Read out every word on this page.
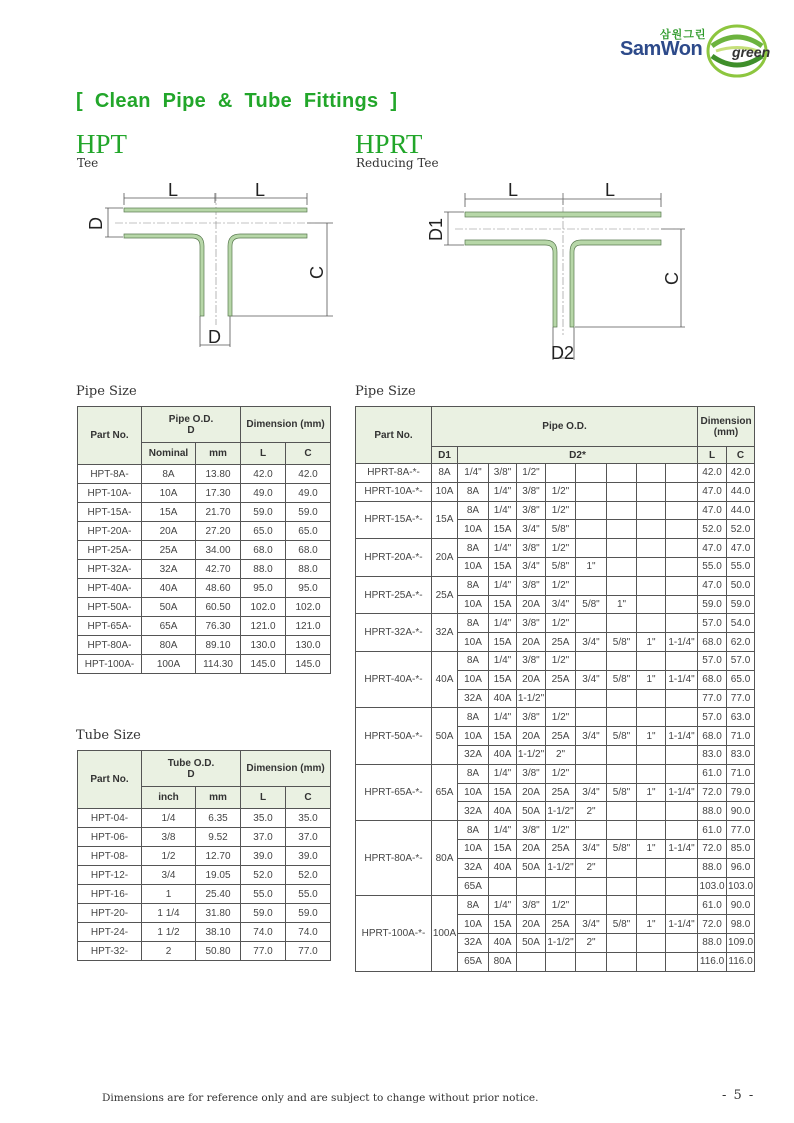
삼원그린
SamWon green
[ Clean Pipe & Tube Fittings ]
HPT
Tee
HPRT
Reducing Tee
L	L
D
C
D
L	L
D1
C
D2
Pipe Size
Part No.	Pipe O.D.
D		Dimension (mm)	
	Nominal	mm	L	C
HPT-8A-	8A	13.80	42.0	42.0
HPT-10A-	10A	17.30	49.0	49.0
HPT-15A-	15A	21.70	59.0	59.0
HPT-20A-	20A	27.20	65.0	65.0
HPT-25A-	25A	34.00	68.0	68.0
HPT-32A-	32A	42.70	88.0	88.0
HPT-40A-	40A	48.60	95.0	95.0
HPT-50A-	50A	60.50	102.0	102.0
HPT-65A-	65A	76.30	121.0	121.0
HPT-80A-	80A	89.10	130.0	130.0
HPT-100A-	100A	114.30	145.0	145.0
Tube Size
Part No.	Tube O.D.
D		Dimension (mm)	
	inch	mm	L	C
HPT-04-	1/4	6.35	35.0	35.0
HPT-06-	3/8	9.52	37.0	37.0
HPT-08-	1/2	12.70	39.0	39.0
HPT-12-	3/4	19.05	52.0	52.0
HPT-16-	1	25.40	55.0	55.0
HPT-20-	1 1/4	31.80	59.0	59.0
HPT-24-	1 1/2	38.10	74.0	74.0
HPT-32-	2	50.80	77.0	77.0
Pipe Size
Part No.	Pipe O.D.									Dimension (mm)	
	D1	D2*								L	C
HPRT-8A-*-	8A	1/4"	3/8"	1/2"						42.0	42.0
HPRT-10A-*-	10A	8A	1/4"	3/8"	1/2"					47.0	44.0
HPRT-15A-*-	15A	8A	1/4"	3/8"	1/2"					47.0	44.0
		10A	15A	3/4"	5/8"					52.0	52.0
HPRT-20A-*-	20A	8A	1/4"	3/8"	1/2"					47.0	47.0
		10A	15A	3/4"	5/8"	1"				55.0	55.0
HPRT-25A-*-	25A	8A	1/4"	3/8"	1/2"					47.0	50.0
		10A	15A	20A	3/4"	5/8"	1"			59.0	59.0
HPRT-32A-*-	32A	8A	1/4"	3/8"	1/2"					57.0	54.0
		10A	15A	20A	25A	3/4"	5/8"	1"	1-1/4"	68.0	62.0
HPRT-40A-*-	40A	8A	1/4"	3/8"	1/2"					57.0	57.0
		10A	15A	20A	25A	3/4"	5/8"	1"	1-1/4"	68.0	65.0
		32A	40A	1-1/2"						77.0	77.0
HPRT-50A-*-	50A	8A	1/4"	3/8"	1/2"					57.0	63.0
		10A	15A	20A	25A	3/4"	5/8"	1"	1-1/4"	68.0	71.0
		32A	40A	1-1/2"	2"					83.0	83.0
HPRT-65A-*-	65A	8A	1/4"	3/8"	1/2"					61.0	71.0
		10A	15A	20A	25A	3/4"	5/8"	1"	1-1/4"	72.0	79.0
		32A	40A	50A	1-1/2"	2"				88.0	90.0
HPRT-80A-*-	80A	8A	1/4"	3/8"	1/2"					61.0	77.0
		10A	15A	20A	25A	3/4"	5/8"	1"	1-1/4"	72.0	85.0
		32A	40A	50A	1-1/2"	2"				88.0	96.0
		65A								103.0	103.0
HPRT-100A-*-	100A	8A	1/4"	3/8"	1/2"					61.0	90.0
		10A	15A	20A	25A	3/4"	5/8"	1"	1-1/4"	72.0	98.0
		32A	40A	50A	1-1/2"	2"				88.0	109.0
		65A	80A							116.0	116.0
Dimensions are for reference only and are subject to change without prior notice.	- 5 -
